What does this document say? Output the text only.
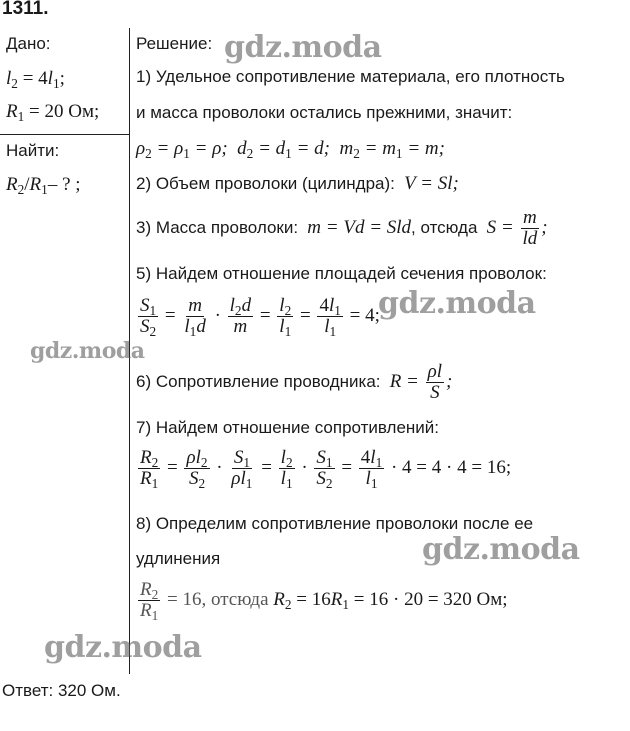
1311.
Дано:
$l_2 = 4l_1$;
$R_1 = 20$ Ом;
Найти:
$R_2/R_1-$ ? ;
Решение:
1) Удельное сопротивление материала, его плотность
и масса проволоки остались прежними, значит:
$\rho_2 = \rho_1 = \rho$;  $d_2 = d_1 = d$;  $m_2 = m_1 = m$;
2) Объем проволоки (цилиндра):  V = Sl;
3) Масса проволоки:  m = Vd = Sld, отсюда  $S = \frac{m}{ld}$ ;
5) Найдем отношение площадей сечения проволок:
$\frac{S_1}{S_2} = \frac{m}{l_1d} \cdot \frac{l_2d}{m} = \frac{l_2}{l_1} = \frac{4l_1}{l_1} = 4$;
6) Сопротивление проводника:  $R = \frac{\rho l}{S}$ ;
7) Найдем отношение сопротивлений:
$\frac{R_2}{R_1} = \frac{\rho l_2}{S_2} \cdot \frac{S_1}{\rho l_1} = \frac{l_2}{l_1} \cdot \frac{S_1}{S_2} = \frac{4l_1}{l_1} \cdot 4 = 4 \cdot 4 = 16$;
8) Определим сопротивление проволоки после ее
удлинения
$\frac{R_2}{R_1} = 16$, отсюда $R_2 = 16R_1 = 16 \cdot 20 = 320$ Ом;
Ответ: 320 Ом.
gdz.moda
gdz.moda
gdz.moda
gdz.moda
gdz.moda
